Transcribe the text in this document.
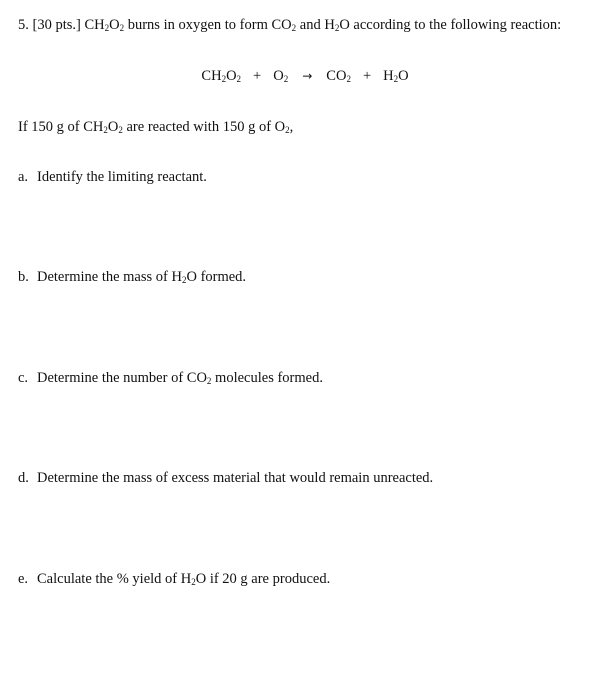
5. [30 pts.] $CH_2O_2$ burns in oxygen to form $CO_2$ and $H_2O$ according to the following reaction:
$CH_2O_2 + O_2 \to CO_2 + H_2O$
If 150 g of $CH_2O_2$ are reacted with 150 g of $O_2$,
a. Identify the limiting reactant.
b. Determine the mass of $H_2O$ formed.
c. Determine the number of $CO_2$ molecules formed.
d. Determine the mass of excess material that would remain unreacted.
e. Calculate the % yield of $H_2O$ if 20 g are produced.
